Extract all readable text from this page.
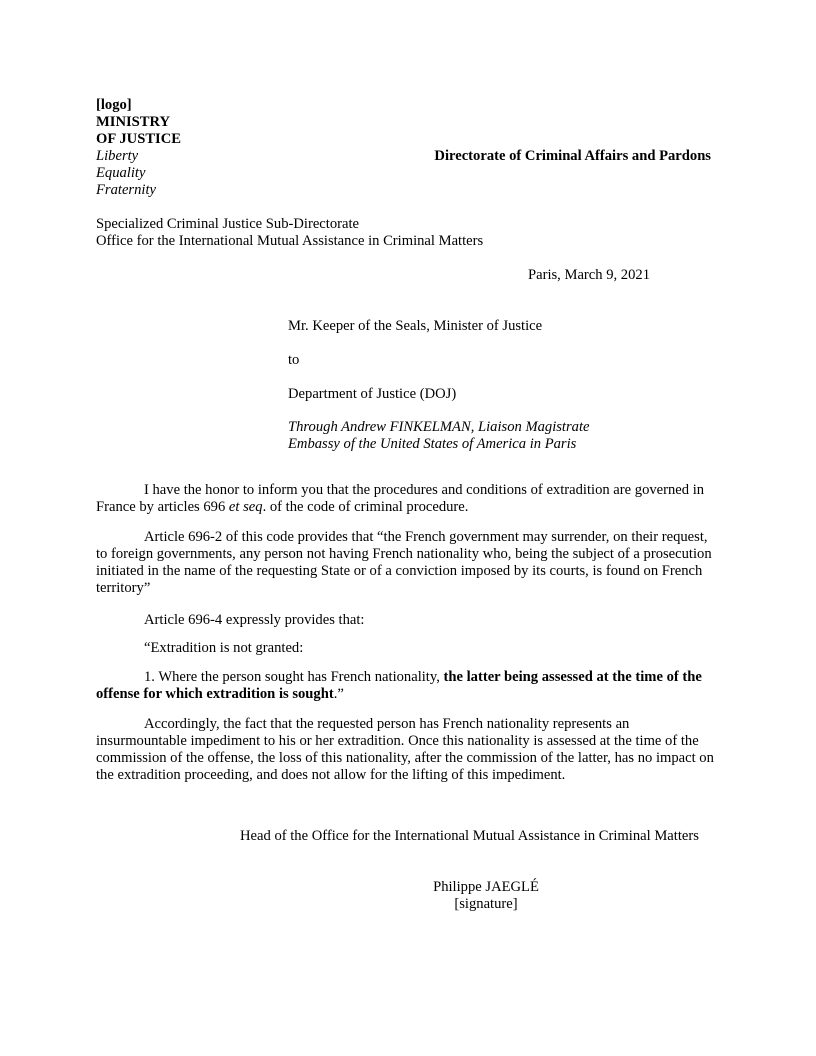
[logo]
MINISTRY
OF JUSTICE
Liberty
Equality
Fraternity
Directorate of Criminal Affairs and Pardons
Specialized Criminal Justice Sub-Directorate
Office for the International Mutual Assistance in Criminal Matters
Paris, March 9, 2021
Mr. Keeper of the Seals, Minister of Justice
to
Department of Justice (DOJ)
Through Andrew FINKELMAN, Liaison Magistrate
Embassy of the United States of America in Paris
I have the honor to inform you that the procedures and conditions of extradition are governed in France by articles 696 et seq. of the code of criminal procedure.
Article 696-2 of this code provides that “the French government may surrender, on their request, to foreign governments, any person not having French nationality who, being the subject of a prosecution initiated in the name of the requesting State or of a conviction imposed by its courts, is found on French territory”
Article 696-4 expressly provides that:
“Extradition is not granted:
1. Where the person sought has French nationality, the latter being assessed at the time of the offense for which extradition is sought.”
Accordingly, the fact that the requested person has French nationality represents an insurmountable impediment to his or her extradition. Once this nationality is assessed at the time of the commission of the offense, the loss of this nationality, after the commission of the latter, has no impact on the extradition proceeding, and does not allow for the lifting of this impediment.
Head of the Office for the International Mutual Assistance in Criminal Matters
Philippe JAEGLÉ
[signature]
